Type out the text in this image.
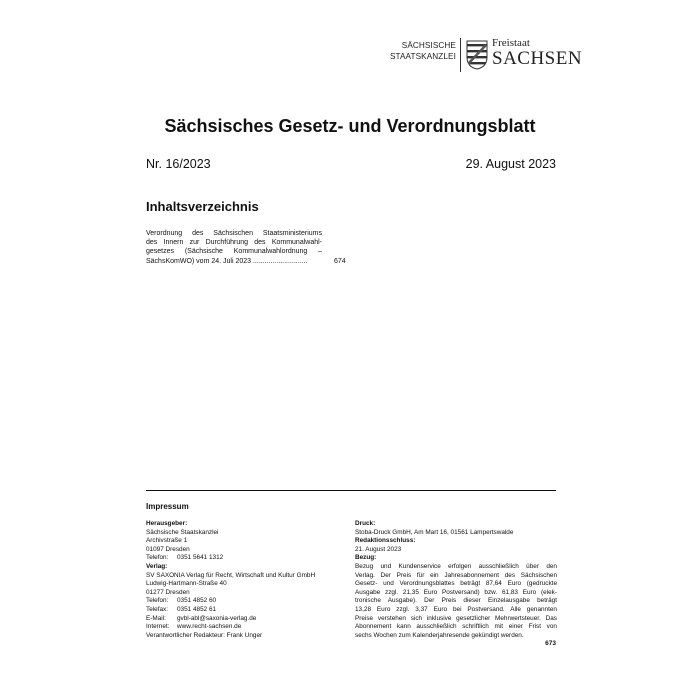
SÄCHSISCHE
STAATSKANZLEI
Freistaat
SACHSEN
Sächsisches Gesetz- und Verordnungsblatt
Nr. 16/2023	29. August 2023
Inhaltsverzeichnis
Verordnung des Sächsischen Staatsministeriums
des Innern zur Durchführung des Kommunalwahl-
gesetzes (Sächsische Kommunalwahlordnung –
SächsKomWO) vom 24. Juli 2023 ............................	674
Impressum
Herausgeber:
Sächsische Staatskanzlei
Archivstraße 1
01097 Dresden
Telefon: 0351 5641 1312
Verlag:
SV SAXONIA Verlag für Recht, Wirtschaft und Kultur GmbH
Ludwig-Hartmann-Straße 40
01277 Dresden
Telefon: 0351 4852 60
Telefax: 0351 4852 61
E-Mail: gvbl-abl@saxonia-verlag.de
Internet: www.recht-sachsen.de
Verantwortlicher Redakteur: Frank Unger
Druck:
Stoba-Druck GmbH, Am Mart 16, 01561 Lampertswalde
Redaktionsschluss:
21. August 2023
Bezug:
Bezug und Kundenservice erfolgen ausschließlich über den
Verlag. Der Preis für ein Jahresabonnement des Sächsischen
Gesetz- und Verordnungsblattes beträgt 87,64 Euro (gedruckte
Ausgabe zzgl. 21,35 Euro Postversand) bzw. 61,83 Euro (elek-
tronische Ausgabe). Der Preis dieser Einzelausgabe beträgt
13,28 Euro zzgl. 3,37 Euro bei Postversand. Alle genannten
Preise verstehen sich inklusive gesetzlicher Mehrwertsteuer. Das
Abonnement kann ausschließlich schriftlich mit einer Frist von
sechs Wochen zum Kalenderjahresende gekündigt werden.
673
